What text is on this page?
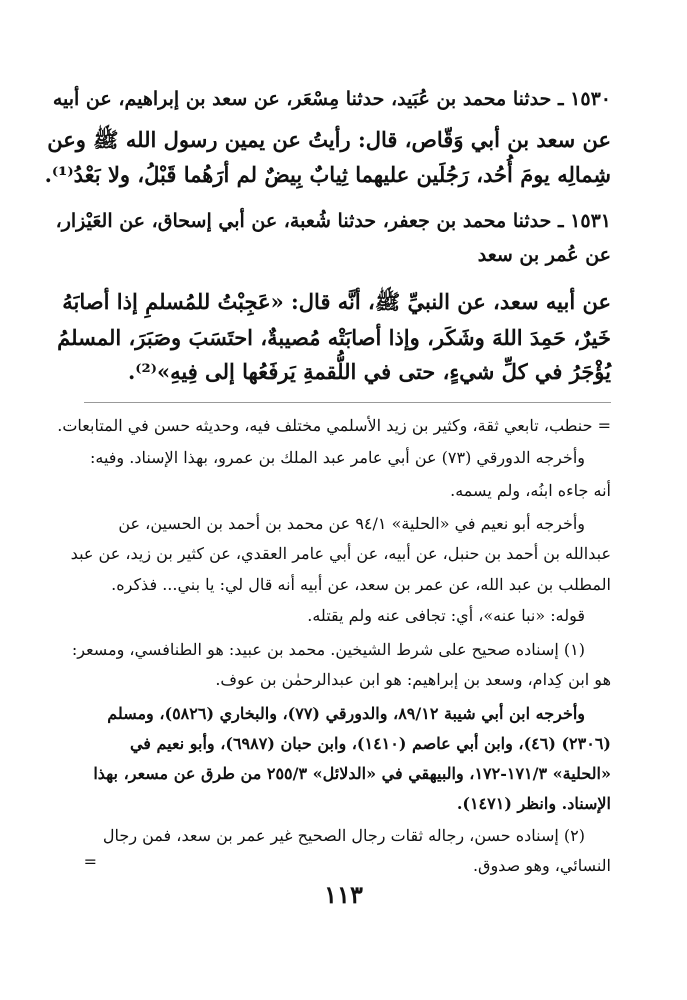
١٥٣٠ ـ حدثنا محمد بن عُبَيد، حدثنا مِسْعَر، عن سعد بن إبراهيم، عن أبيه
عن سعد بن أبي وَقّاص، قال: رأيتُ عن يمين رسول الله ﷺ وعن
شِمالِه يومَ أُحُد، رَجُلَين عليهما ثِيابٌ بِيضٌ لم أرَهُما قَبْلُ، ولا بَعْدُ⁽¹⁾.
١٥٣١ ـ حدثنا محمد بن جعفر، حدثنا شُعبة، عن أبي إسحاق، عن العَيْزار،
عن عُمر بن سعد
عن أبيه سعد، عن النبيِّ ﷺ، أنَّه قال: «عَجِبْتُ للمُسلمِ إذا أصابَهُ
خَيرٌ، حَمِدَ اللهَ وشَكَر، وإذا أصابَتْه مُصيبةٌ، احتَسَبَ وصَبَرَ، المسلمُ
يُؤْجَرُ في كلِّ شيءٍ، حتى في اللُّقمةِ يَرفَعُها إلى فِيهِ»⁽²⁾.
= حنطب، تابعي ثقة، وكثير بن زيد الأسلمي مختلف فيه، وحديثه حسن في المتابعات.
وأخرجه الدورقي (٧٣) عن أبي عامر عبد الملك بن عمرو، بهذا الإسناد. وفيه:
أنه جاءه ابنُه، ولم يسمه.
وأخرجه أبو نعيم في «الحلية» ٩٤/١ عن محمد بن أحمد بن الحسين، عن
عبدالله بن أحمد بن حنبل، عن أبيه، عن أبي عامر العقدي، عن كثير بن زيد، عن عبد
المطلب بن عبد الله، عن عمر بن سعد، عن أبيه أنه قال لي: يا بني... فذكره.
قوله: «نبا عنه»، أي: تجافى عنه ولم يقتله.
(١) إسناده صحيح على شرط الشيخين. محمد بن عبيد: هو الطنافسي، ومسعر:
هو ابن كِدام، وسعد بن إبراهيم: هو ابن عبدالرحمٰن بن عوف.
وأخرجه ابن أبي شيبة ٨٩/١٢، والدورقي (٧٧)، والبخاري (٥٨٢٦)، ومسلم
(٢٣٠٦) (٤٦)، وابن أبي عاصم (١٤١٠)، وابن حبان (٦٩٨٧)، وأبو نعيم في
«الحلية» ١٧١/٣-١٧٢، والبيهقي في «الدلائل» ٢٥٥/٣ من طرق عن مسعر، بهذا
الإسناد. وانظر (١٤٧١).
(٢) إسناده حسن، رجاله ثقات رجال الصحيح غير عمر بن سعد، فمن رجال
النسائي، وهو صدوق.
=
١١٣
